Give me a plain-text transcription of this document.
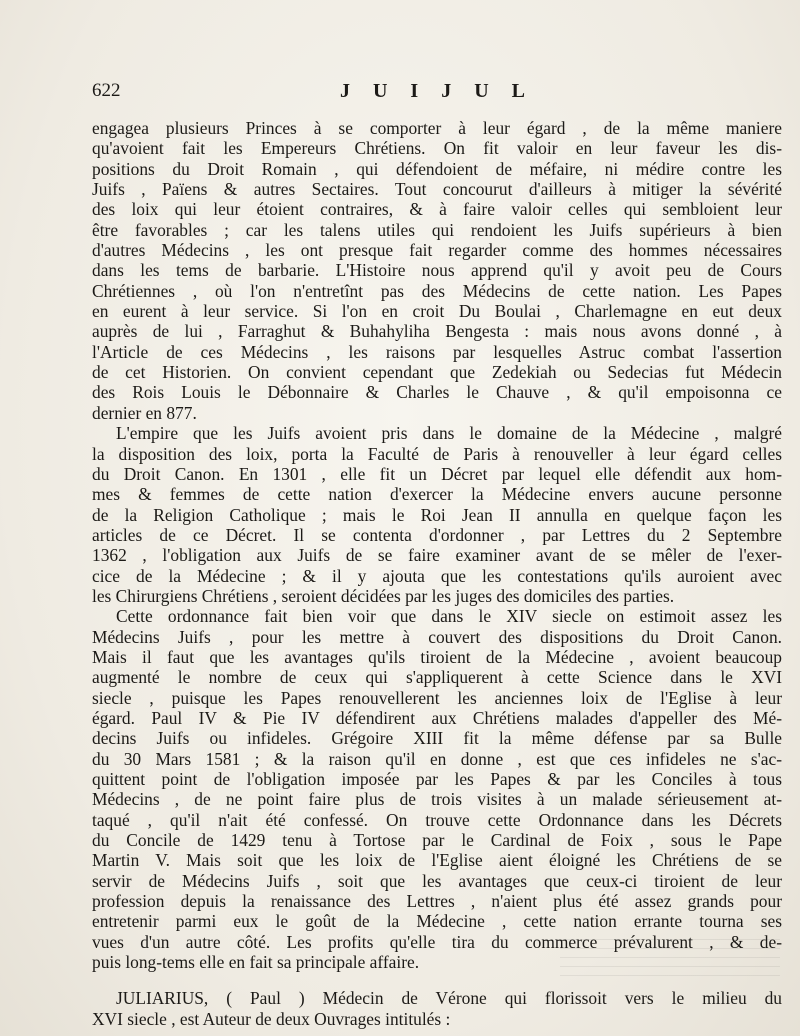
622	J U I J U L
engagea plusieurs Princes à se comporter à leur égard , de la même maniere
qu'avoient fait les Empereurs Chrétiens. On fit valoir en leur faveur les dis-
positions du Droit Romain , qui défendoient de méfaire, ni médire contre les
Juifs , Païens & autres Sectaires. Tout concourut d'ailleurs à mitiger la sévérité
des loix qui leur étoient contraires, & à faire valoir celles qui sembloient leur
être favorables ; car les talens utiles qui rendoient les Juifs supérieurs à bien
d'autres Médecins , les ont presque fait regarder comme des hommes nécessaires
dans les tems de barbarie. L'Histoire nous apprend qu'il y avoit peu de Cours
Chrétiennes , où l'on n'entretînt pas des Médecins de cette nation. Les Papes
en eurent à leur service. Si l'on en croit Du Boulai , Charlemagne en eut deux
auprès de lui , Farraghut & Buhahyliha Bengesta : mais nous avons donné , à
l'Article de ces Médecins , les raisons par lesquelles Astruc combat l'assertion
de cet Historien. On convient cependant que Zedekiah ou Sedecias fut Médecin
des Rois Louis le Débonnaire & Charles le Chauve , & qu'il empoisonna ce
dernier en 877.
L'empire que les Juifs avoient pris dans le domaine de la Médecine , malgré
la disposition des loix, porta la Faculté de Paris à renouveller à leur égard celles
du Droit Canon. En 1301 , elle fit un Décret par lequel elle défendit aux hom-
mes & femmes de cette nation d'exercer la Médecine envers aucune personne
de la Religion Catholique ; mais le Roi Jean II annulla en quelque façon les
articles de ce Décret. Il se contenta d'ordonner , par Lettres du 2 Septembre
1362 , l'obligation aux Juifs de se faire examiner avant de se mêler de l'exer-
cice de la Médecine ; & il y ajouta que les contestations qu'ils auroient avec
les Chirurgiens Chrétiens , seroient décidées par les juges des domiciles des parties.
Cette ordonnance fait bien voir que dans le XIV siecle on estimoit assez les
Médecins Juifs , pour les mettre à couvert des dispositions du Droit Canon.
Mais il faut que les avantages qu'ils tiroient de la Médecine , avoient beaucoup
augmenté le nombre de ceux qui s'appliquerent à cette Science dans le XVI
siecle , puisque les Papes renouvellerent les anciennes loix de l'Eglise à leur
égard. Paul IV & Pie IV défendirent aux Chrétiens malades d'appeller des Mé-
decins Juifs ou infideles. Grégoire XIII fit la même défense par sa Bulle
du 30 Mars 1581 ; & la raison qu'il en donne , est que ces infideles ne s'ac-
quittent point de l'obligation imposée par les Papes & par les Conciles à tous
Médecins , de ne point faire plus de trois visites à un malade sérieusement at-
taqué , qu'il n'ait été confessé. On trouve cette Ordonnance dans les Décrets
du Concile de 1429 tenu à Tortose par le Cardinal de Foix , sous le Pape
Martin V. Mais soit que les loix de l'Eglise aient éloigné les Chrétiens de se
servir de Médecins Juifs , soit que les avantages que ceux-ci tiroient de leur
profession depuis la renaissance des Lettres , n'aient plus été assez grands pour
entretenir parmi eux le goût de la Médecine , cette nation errante tourna ses
vues d'un autre côté. Les profits qu'elle tira du commerce prévalurent , & de-
puis long-tems elle en fait sa principale affaire.
JULIARIUS, ( Paul ) Médecin de Vérone qui florissoit vers le milieu du
XVI siecle , est Auteur de deux Ouvrages intitulés :
